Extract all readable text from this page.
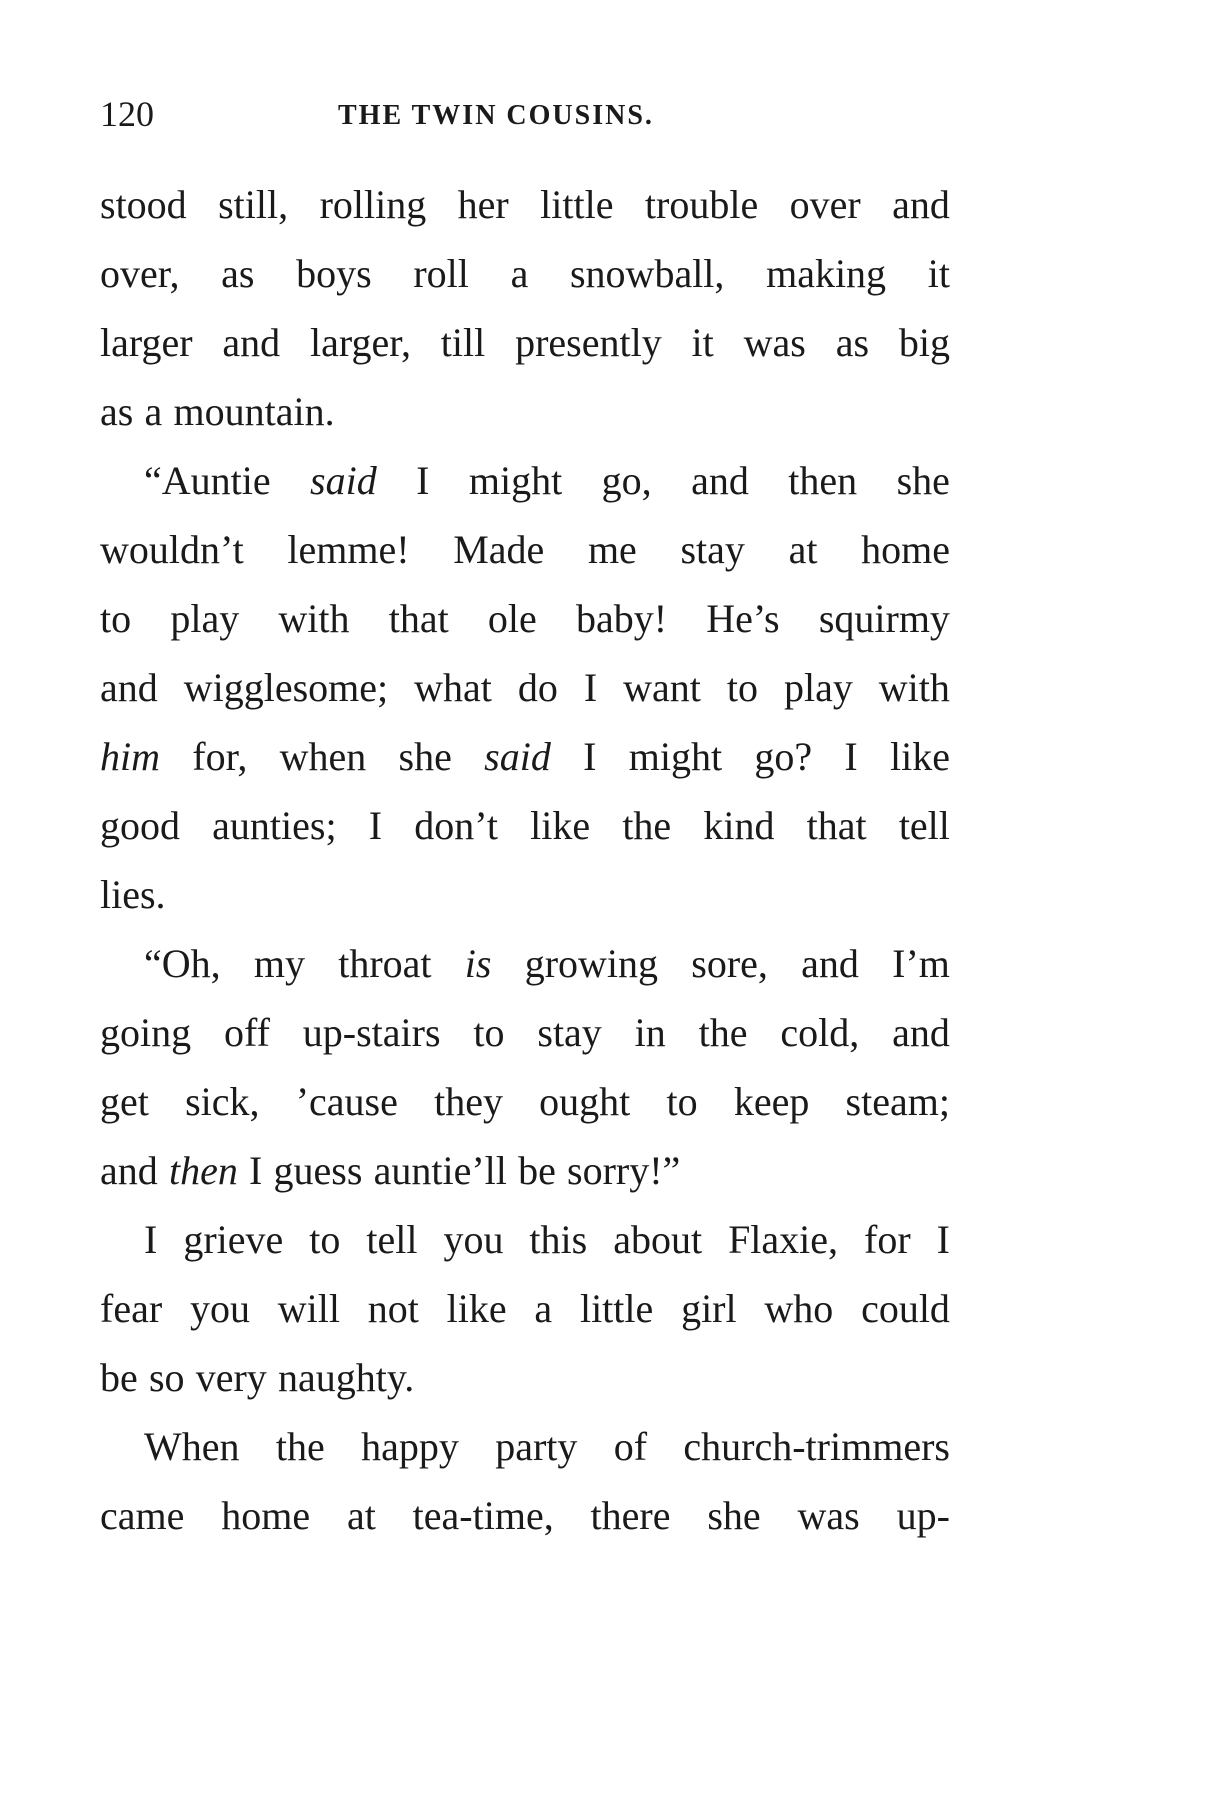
120	THE TWIN COUSINS.
stood still, rolling her little trouble over and
over, as boys roll a snowball, making it
larger and larger, till presently it was as big
as a mountain.
“Auntie said I might go, and then she
wouldn’t lemme! Made me stay at home
to play with that ole baby! He’s squirmy
and wigglesome; what do I want to play with
him for, when she said I might go? I like
good aunties; I don’t like the kind that tell
lies.
“Oh, my throat is growing sore, and I’m
going off up-stairs to stay in the cold, and
get sick, ’cause they ought to keep steam;
and then I guess auntie’ll be sorry!”
I grieve to tell you this about Flaxie, for I
fear you will not like a little girl who could
be so very naughty.
When the happy party of church-trimmers
came home at tea-time, there she was up-
